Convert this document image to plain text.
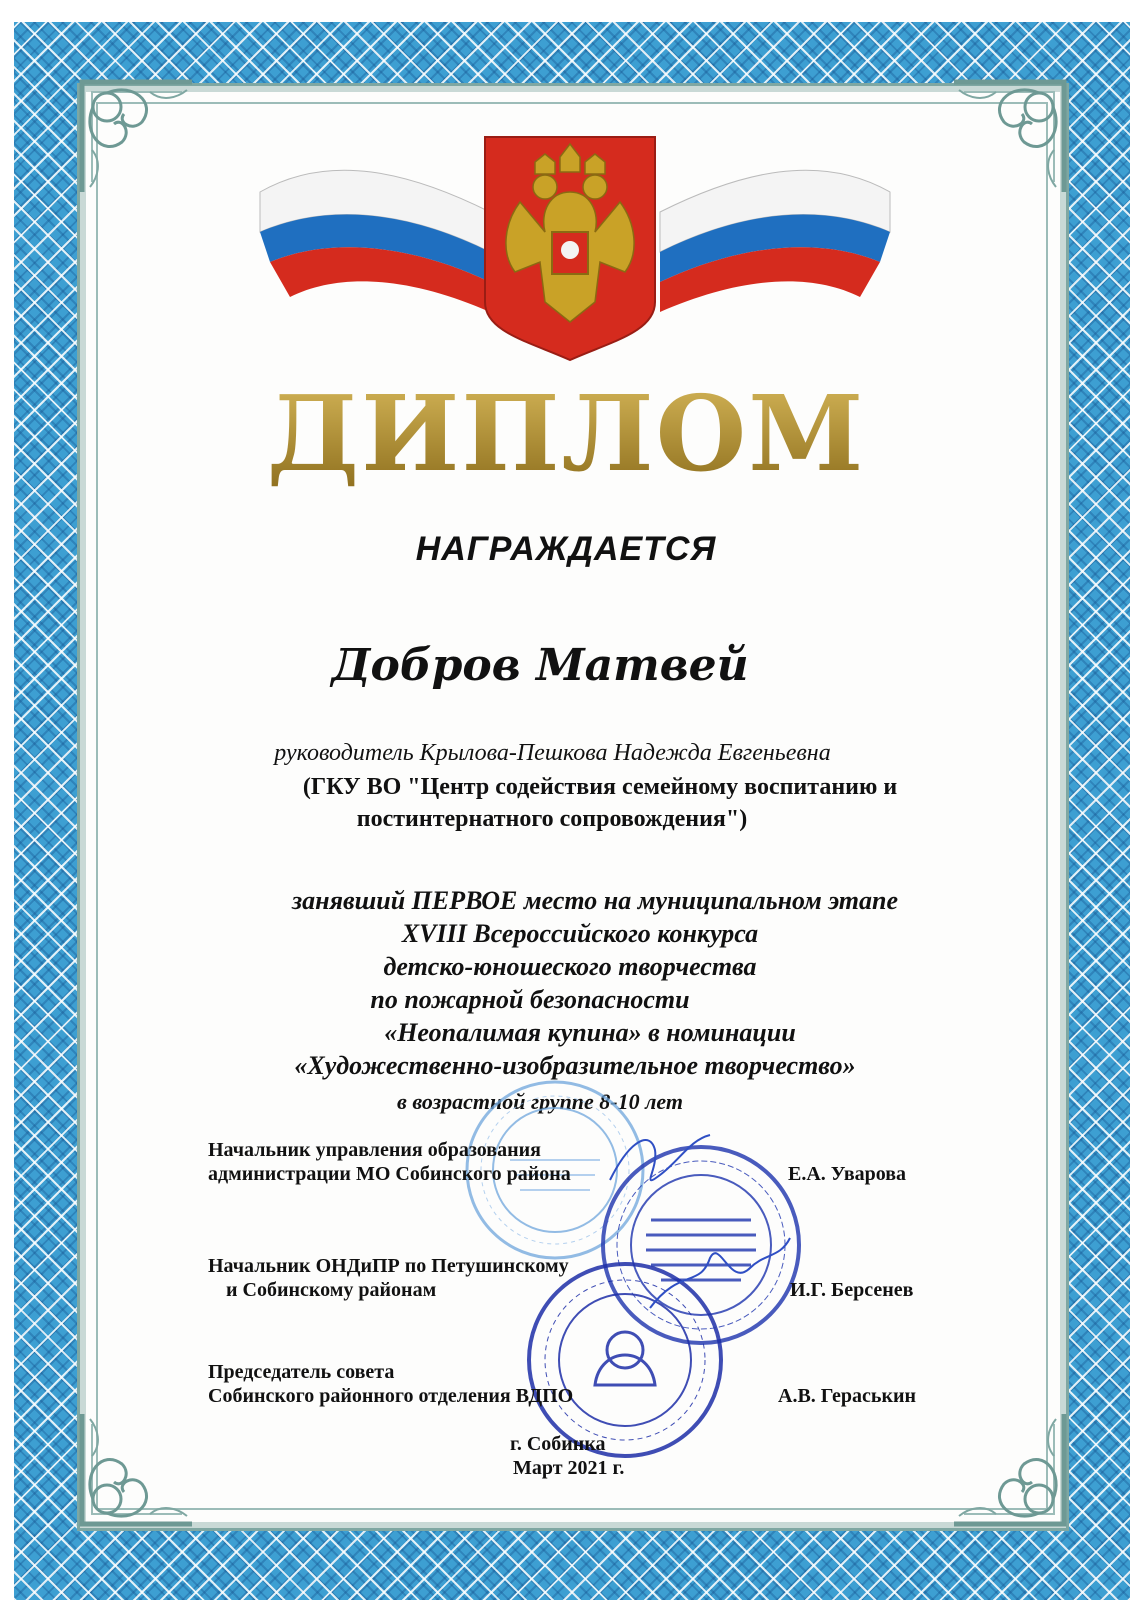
ДИПЛОМ
НАГРАЖДАЕТСЯ
Добров Матвей
руководитель Крылова-Пешкова Надежда Евгеньевна
(ГКУ ВО "Центр содействия семейному воспитанию и
постинтернатного сопровождения")
занявший ПЕРВОЕ место на муниципальном этапе
XVIII Всероссийского конкурса
детско-юношеского творчества
по пожарной безопасности
«Неопалимая купина» в номинации
«Художественно-изобразительное творчество»
в возрастной группе 8-10 лет
Начальник управления образования
администрации МО Собинского района	Е.А. Уварова
Начальник ОНДиПР по Петушинскому
и Собинскому районам	И.Г. Берсенев
Председатель совета
Собинского районного отделения ВДПО	А.В. Гераськин
г. Собинка
Март 2021 г.
